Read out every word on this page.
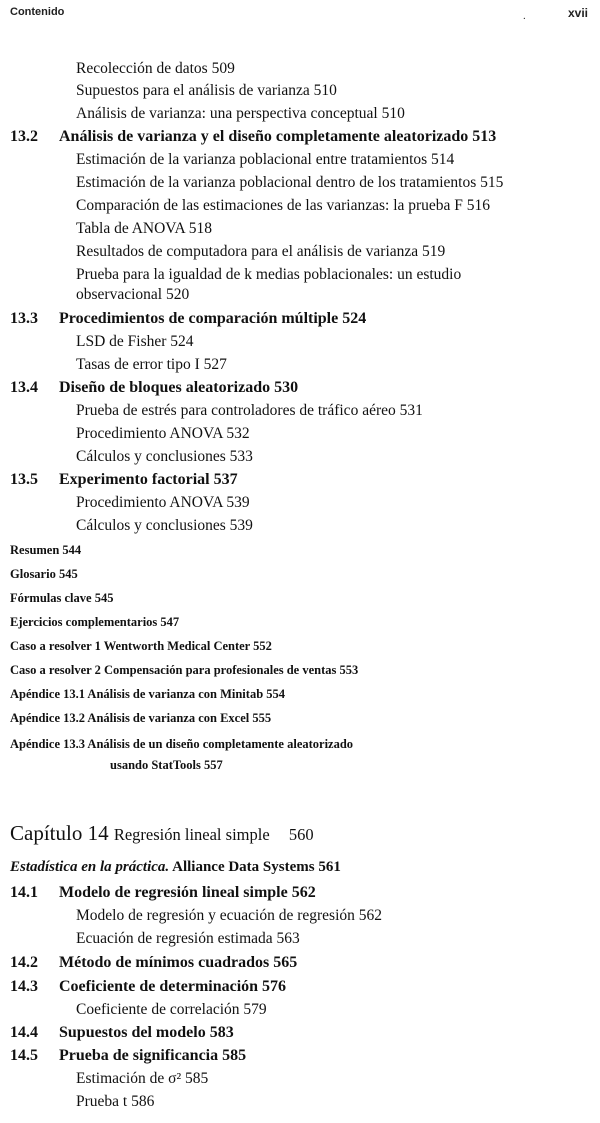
Contenido	.	xvii
Recolección de datos 509
Supuestos para el análisis de varianza 510
Análisis de varianza: una perspectiva conceptual 510
13.2 Análisis de varianza y el diseño completamente aleatorizado 513
Estimación de la varianza poblacional entre tratamientos 514
Estimación de la varianza poblacional dentro de los tratamientos 515
Comparación de las estimaciones de las varianzas: la prueba F 516
Tabla de ANOVA 518
Resultados de computadora para el análisis de varianza 519
Prueba para la igualdad de k medias poblacionales: un estudio
observacional 520
13.3 Procedimientos de comparación múltiple 524
LSD de Fisher 524
Tasas de error tipo I 527
13.4 Diseño de bloques aleatorizado 530
Prueba de estrés para controladores de tráfico aéreo 531
Procedimiento ANOVA 532
Cálculos y conclusiones 533
13.5 Experimento factorial 537
Procedimiento ANOVA 539
Cálculos y conclusiones 539
Resumen 544
Glosario 545
Fórmulas clave 545
Ejercicios complementarios 547
Caso a resolver 1 Wentworth Medical Center 552
Caso a resolver 2 Compensación para profesionales de ventas 553
Apéndice 13.1 Análisis de varianza con Minitab 554
Apéndice 13.2 Análisis de varianza con Excel 555
Apéndice 13.3 Análisis de un diseño completamente aleatorizado
usando StatTools 557
Capítulo 14 Regresión lineal simple 560
Estadística en la práctica. Alliance Data Systems 561
14.1 Modelo de regresión lineal simple 562
Modelo de regresión y ecuación de regresión 562
Ecuación de regresión estimada 563
14.2 Método de mínimos cuadrados 565
14.3 Coeficiente de determinación 576
Coeficiente de correlación 579
14.4 Supuestos del modelo 583
14.5 Prueba de significancia 585
Estimación de σ² 585
Prueba t 586
